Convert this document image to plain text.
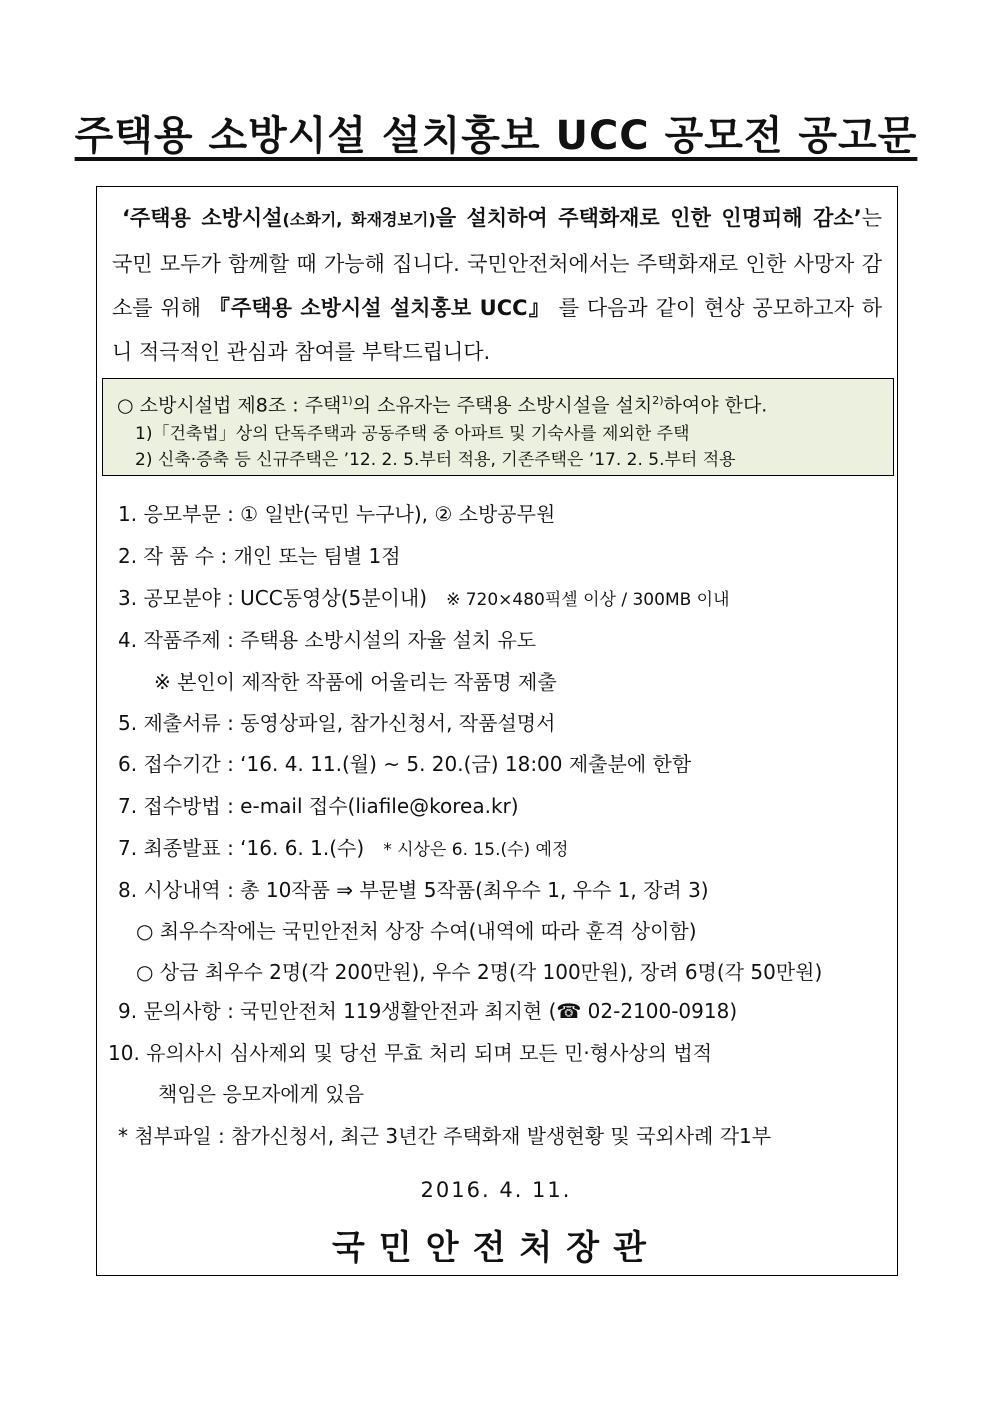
주택용 소방시설 설치홍보 UCC 공모전 공고문
‘주택용 소방시설(소화기, 화재경보기)을 설치하여 주택화재로 인한 인명피해 감소’는 국민 모두가 함께할 때 가능해 집니다. 국민안전처에서는 주택화재로 인한 사망자 감소를 위해 『주택용 소방시설 설치홍보 UCC』 를 다음과 같이 현상 공모하고자 하니 적극적인 관심과 참여를 부탁드립니다.
○ 소방시설법 제8조 : 주택$^{1)}$의 소유자는 주택용 소방시설을 설치$^{2)}$하여야 한다.
1)「건축법」상의 단독주택과 공동주택 중 아파트 및 기숙사를 제외한 주택
2) 신축·증축 등 신규주택은 ’12. 2. 5.부터 적용, 기존주택은 ’17. 2. 5.부터 적용
1. 응모부문 : ① 일반(국민 누구나), ② 소방공무원
2. 작 품 수 : 개인 또는 팀별 1점
3. 공모분야 : UCC동영상(5분이내) ※ 720×480픽셀 이상 / 300MB 이내
4. 작품주제 : 주택용 소방시설의 자율 설치 유도
※ 본인이 제작한 작품에 어울리는 작품명 제출
5. 제출서류 : 동영상파일, 참가신청서, 작품설명서
6. 접수기간 : ‘16. 4. 11.(월) ~ 5. 20.(금) 18:00 제출분에 한함
7. 접수방법 : e-mail 접수(liafile@korea.kr)
7. 최종발표 : ‘16. 6. 1.(수) * 시상은 6. 15.(수) 예정
8. 시상내역 : 총 10작품 ⇒ 부문별 5작품(최우수 1, 우수 1, 장려 3)
○ 최우수작에는 국민안전처 상장 수여(내역에 따라 훈격 상이함)
○ 상금 최우수 2명(각 200만원), 우수 2명(각 100만원), 장려 6명(각 50만원)
9. 문의사항 : 국민안전처 119생활안전과 최지현 (☎ 02-2100-0918)
10. 유의사시 심사제외 및 당선 무효 처리 되며 모든 민·형사상의 법적
책임은 응모자에게 있음
* 첨부파일 : 참가신청서, 최근 3년간 주택화재 발생현황 및 국외사례 각1부
2016. 4. 11.
국민안전처장관
